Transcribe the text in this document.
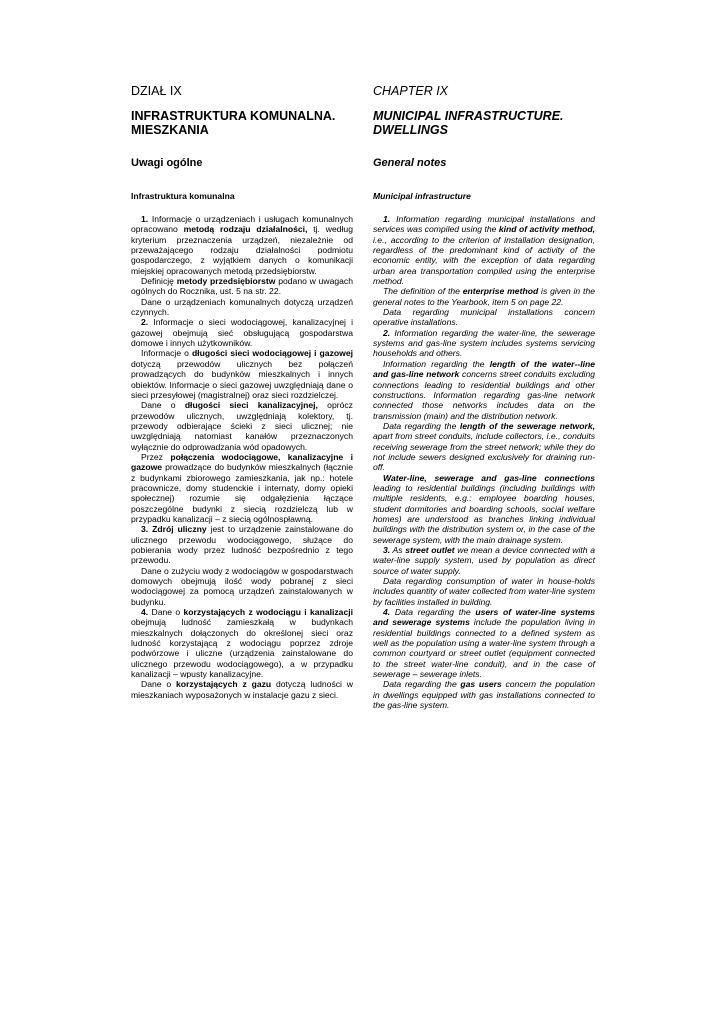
DZIAŁ IX
INFRASTRUKTURA KOMUNALNA.
MIESZKANIA
Uwagi ogólne
Infrastruktura komunalna

1. Informacje o urządzeniach i usługach komunalnych opracowano metodą rodzaju działalności, tj. według kryterium przeznaczenia urządzeń, niezależnie od przeważającego rodzaju działalności podmiotu gospodarczego, z wyjątkiem danych o komunikacji miejskiej opracowanych metodą przedsiębiorstw.

Definicję metody przedsiębiorstw podano w uwagach ogólnych do Rocznika, ust. 5 na str. 22.

Dane o urządzeniach komunalnych dotyczą urządzeń czynnych.

2. Informacje o sieci wodociągowej, kanalizacyjnej i gazowej obejmują sieć obsługującą gospodarstwa domowe i innych użytkowników.

Informacje o długości sieci wodociągowej i gazowej dotyczą przewodów ulicznych bez połączeń prowadzących do budynków mieszkalnych i innych obiektów. Informacje o sieci gazowej uwzględniają dane o sieci przesyłowej (magistralnej) oraz sieci rozdzielczej.

Dane o długości sieci kanalizacyjnej, oprócz przewodów ulicznych, uwzględniają kolektory, tj. przewody odbierające ścieki z sieci ulicznej; nie uwzględniają natomiast kanałów przeznaczonych wyłącznie do odprowadzania wód opadowych.

Przez połączenia wodociągowe, kanalizacyjne i gazowe prowadzące do budynków mieszkalnych (łącznie z budynkami zbiorowego zamieszkania, jak np.: hotele pracownicze, domy studenckie i internaty, domy opieki społecznej) rozumie się odgałęzienia łączące poszczególne budynki z siecią rozdzielczą lub w przypadku kanalizacji – z siecią ogólnospławną.

3. Zdrój uliczny jest to urządzenie zainstalowane do ulicznego przewodu wodociągowego, służące do pobierania wody przez ludność bezpośrednio z tego przewodu.

Dane o zużyciu wody z wodociągów w gospodarstwach domowych obejmują ilość wody pobranej z sieci wodociągowej za pomocą urządzeń zainstalowanych w budynku.

4. Dane o korzystających z wodociągu i kanalizacji obejmują ludność zamieszkałą w budynkach mieszkalnych dołączonych do określonej sieci oraz ludność korzystającą z wodociągu poprzez zdroje podwórzowe i uliczne (urządzenia zainstalowane do ulicznego przewodu wodociągowego), a w przypadku kanalizacji – wpusty kanalizacyjne.

Dane o korzystających z gazu dotyczą ludności w mieszkaniach wyposażonych w instalacje gazu z sieci.

CHAPTER IX
MUNICIPAL INFRASTRUCTURE.
DWELLINGS
General notes
Municipal infrastructure

1. Information regarding municipal installations and services was compiled using the kind of activity method, i.e., according to the criterion of installation designation, regardless of the predominant kind of activity of the economic entity, with the exception of data regarding urban area transportation compiled using the enterprise method.

The definition of the enterprise method is given in the general notes to the Yearbook, item 5 on page 22.

Data regarding municipal installations concern operative installations.

2. Information regarding the water-line, the sewerage systems and gas-line system includes systems servicing households and others.

Information regarding the length of the water--line and gas-line network concerns street conduits excluding connections leading to residential buildings and other constructions. Information regarding gas-line network connected those networks includes data on the transmission (main) and the distribution network.

Data regarding the length of the sewerage network, apart from street conduits, include collectors, i.e., conduits receiving sewerage from the street network; while they do not include sewers designed exclusively for draining run-off.

Water-line, sewerage and gas-line connections leading to residential buildings (including buildings with multiple residents, e.g.: employee boarding houses, student dormitories and boarding schools, social welfare homes) are understood as branches linking individual buildings with the distribution system or, in the case of the sewerage system, with the main drainage system.

3. As street outlet we mean a device connected with a water-line supply system, used by population as direct source of water supply.

Data regarding consumption of water in house-holds includes quantity of water collected from water-line system by facilities installed in building.

4. Data regarding the users of water-line systems and sewerage systems include the population living in residential buildings connected to a defined system as well as the population using a water-line system through a common courtyard or street outlet (equipment connected to the street water-line conduit), and in the case of sewerage – sewerage inlets.

Data regarding the gas users concern the population in dwellings equipped with gas installations connected to the gas-line system.
